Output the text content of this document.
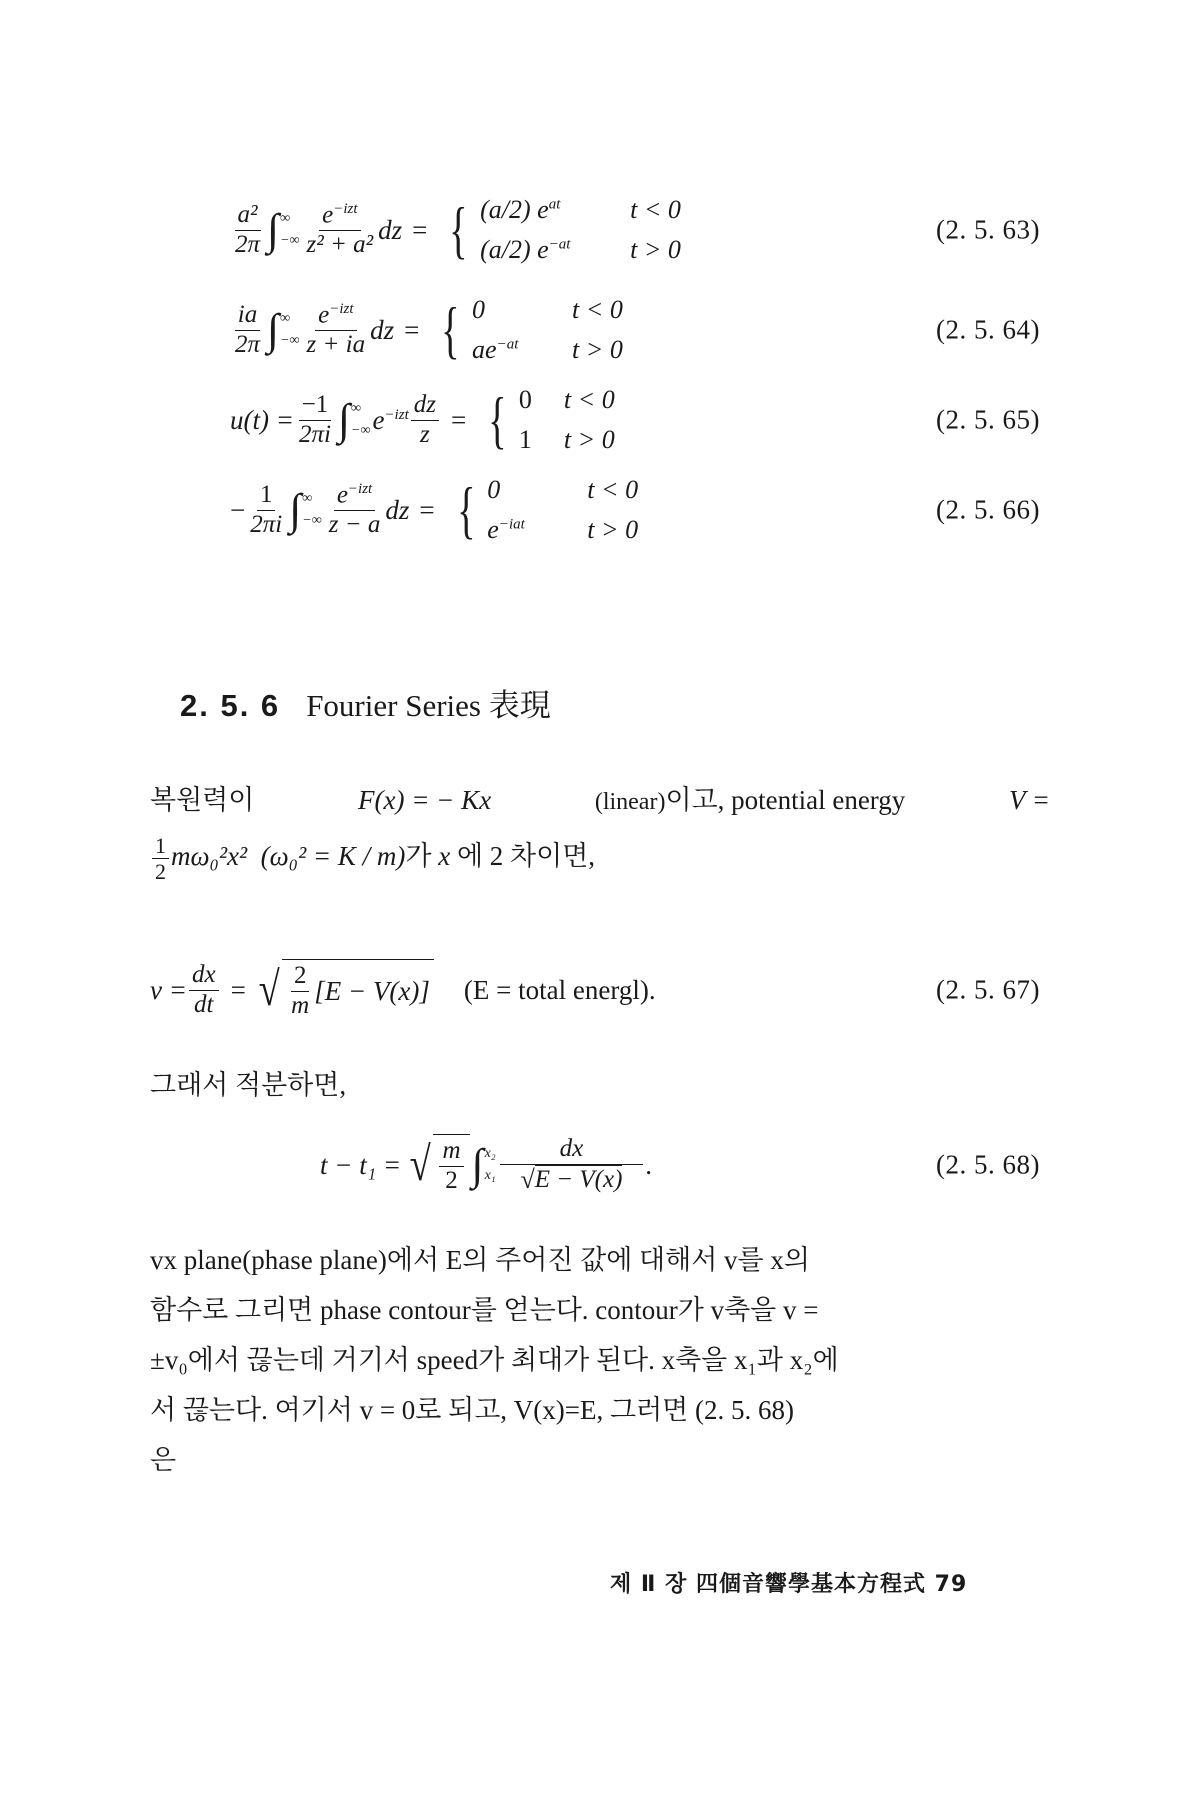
$\frac{\text{a²}}{2\pi}$ ∫ ∞
−∞ $\frac{e^{-izt}}{\text{z² + a²}}$ dz = { (a/2) $e^{at}$	t < 0
(a/2) $e^{-at}$	t > 0
(2. 5. 63)
$\frac{ia}{2\pi}$ ∫ ∞
−∞ $\frac{e^{-izt}}{z + ia}$ dz = { 0	t < 0
$ae^{-at}$	t > 0
(2. 5. 64)
$u(t) = \frac{-1}{2\pi i}$ ∫ ∞
−∞ $e^{-izt} \frac{dz}{z}$ = { 0	t < 0
1	t > 0
(2. 5. 65)
− $\frac{1}{2\pi i}$ ∫ ∞
−∞ $\frac{e^{-izt}}{z - a}$ dz = { 0	t < 0
$e^{-iat}$	t > 0
(2. 5. 66)
2. 5. 6 Fourier Series 表現

복원력이	F(x) = − Kx	(linear)이고, potential energy	V =

$\frac{1}{2} m\omega_0^2x^2$ (ω₀² = K / m)가 x 에 2 차이면,

$v = \frac{dx}{dt}$ = √ $\frac{2}{m} [E - V(x)] (E$ = total energl).	(2. 5. 67)

그래서 적분하면,

t − t₁ = √ $\frac{m}{2}$ ∫ x₂
$x_1 \frac{dx}{√ E - V(x)}$ .	(2. 5. 68)

vx plane(phase plane)에서 E의 주어진 값에 대해서 v를 x의

함수로 그리면 phase contour를 얻는다. contour가 v축을 v =

±v₀에서 끊는데 거기서 speed가 최대가 된다. x축을 x₁과 x₂에

서 끊는다. 여기서 v = 0로 되고, V(x)=E, 그러면 (2. 5. 68)

은

제 Ⅱ 장 四個音響學基本方程式 79
